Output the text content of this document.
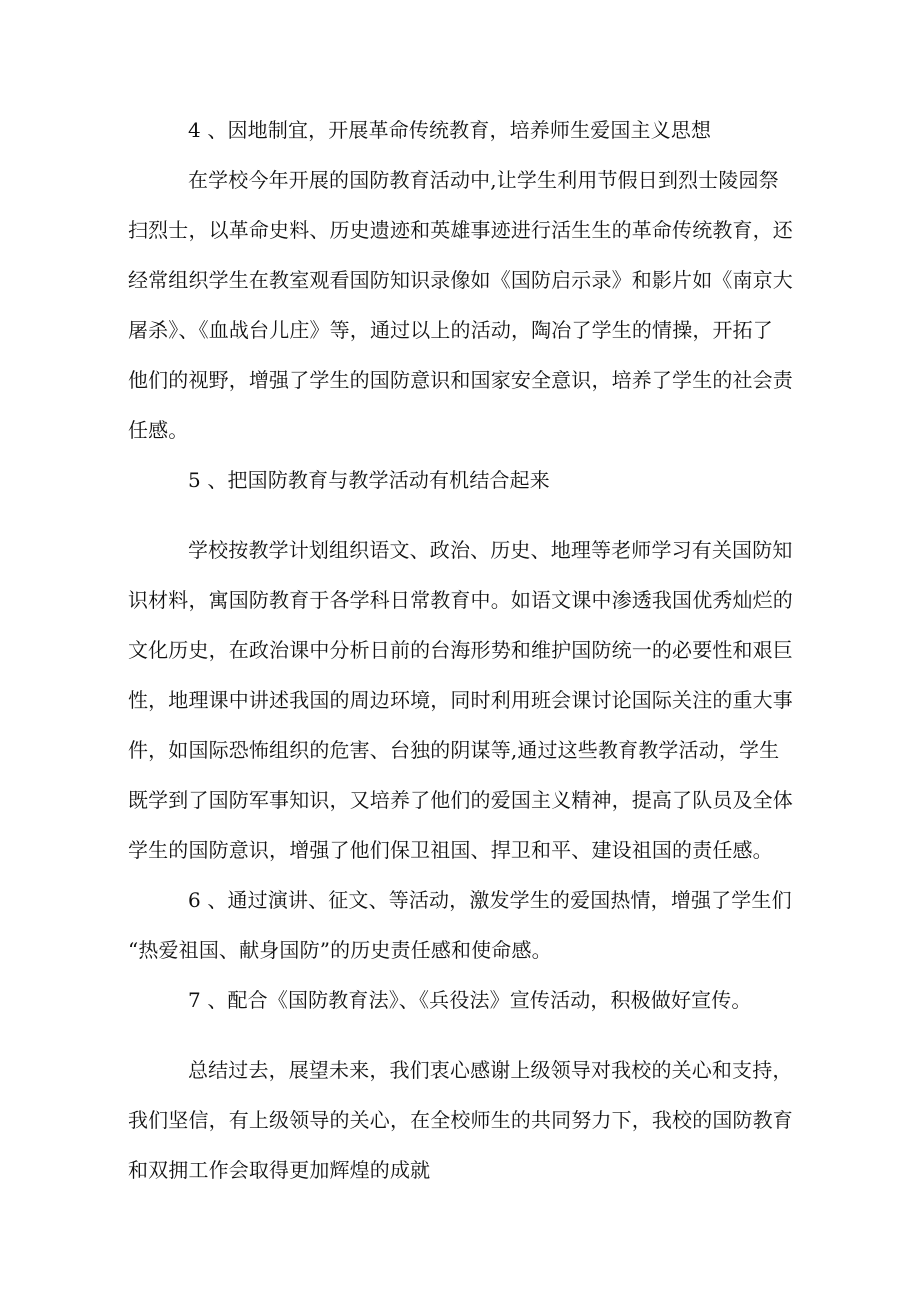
4 、因地制宜，开展革命传统教育，培养师生爱国主义思想
在学校今年开展的国防教育活动中,让学生利用节假日到烈士陵园祭
扫烈士，以革命史料、历史遗迹和英雄事迹进行活生生的革命传统教育，还
经常组织学生在教室观看国防知识录像如《国防启示录》和影片如《南京大
屠杀》、《血战台儿庄》等，通过以上的活动，陶冶了学生的情操，开拓了
他们的视野，增强了学生的国防意识和国家安全意识，培养了学生的社会责
任感。
5 、把国防教育与教学活动有机结合起来
学校按教学计划组织语文、政治、历史、地理等老师学习有关国防知
识材料，寓国防教育于各学科日常教育中。如语文课中渗透我国优秀灿烂的
文化历史，在政治课中分析日前的台海形势和维护国防统一的必要性和艰巨
性，地理课中讲述我国的周边环境，同时利用班会课讨论国际关注的重大事
件，如国际恐怖组织的危害、台独的阴谋等,通过这些教育教学活动，学生
既学到了国防军事知识，又培养了他们的爱国主义精神，提高了队员及全体
学生的国防意识，增强了他们保卫祖国、捍卫和平、建设祖国的责任感。
6 、通过演讲、征文、等活动，激发学生的爱国热情，增强了学生们
“热爱祖国、献身国防”的历史责任感和使命感。
7 、配合《国防教育法》、《兵役法》宣传活动，积极做好宣传。
总结过去，展望未来，我们衷心感谢上级领导对我校的关心和支持，
我们坚信，有上级领导的关心，在全校师生的共同努力下，我校的国防教育
和双拥工作会取得更加辉煌的成就
